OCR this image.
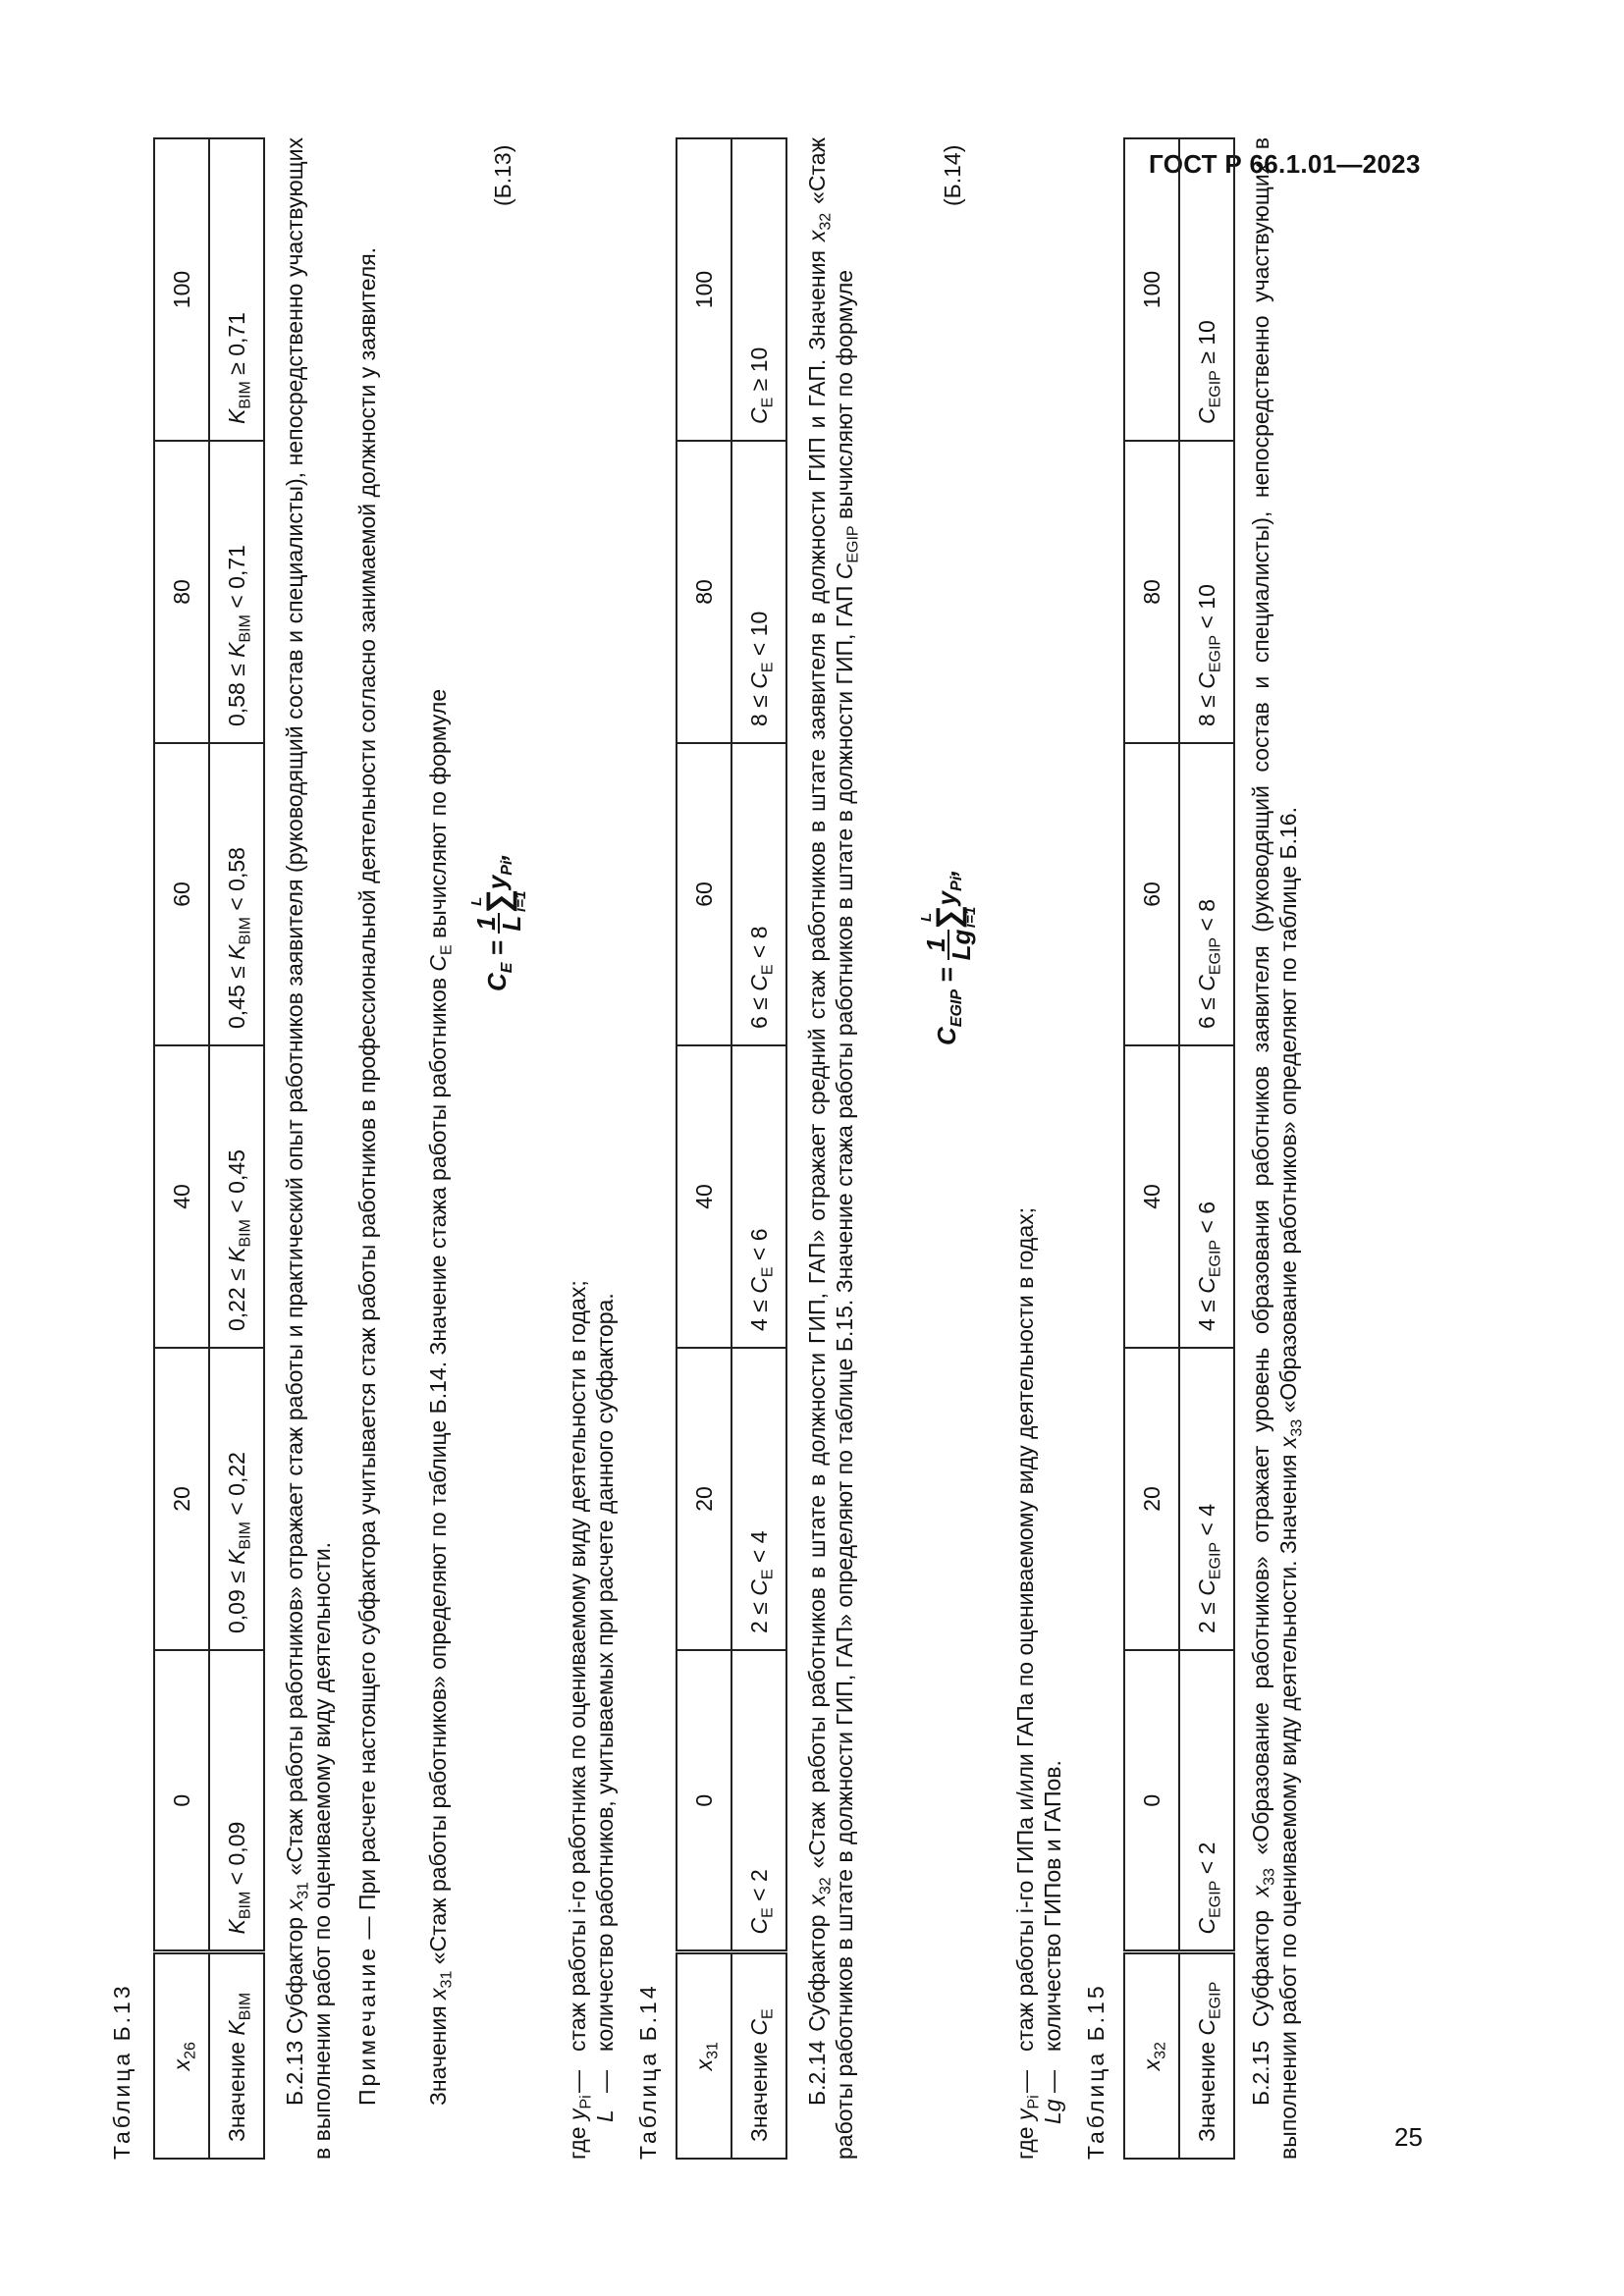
ГОСТ Р 66.1.01—2023
25
Таблица Б.13 $x_{26}$	0	20	40	60	80	100
Значение $K_{BIM}$	$K_{BIM} < 0,09$	$0,09 \le K_{BIM} < 0,22$	$0,22 \le K_{BIM} < 0,45$	$0,45 \le K_{BIM} < 0,58$	$0,58 \le K_{BIM} < 0,71$	$K_{BIM} \ge 0,71$
Б.2.13 Субфактор $x_{31}$ «Стаж работы работников» отражает стаж работы и практический опыт работников заявителя (руководящий состав и специалисты), непосредственно участвующих в выполнении работ по оцениваемому виду деятельности. Примечание — При расчете настоящего субфактора учитывается стаж работы работников в профессиональной деятельности согласно занимаемой должности у заявителя.
Значения $x_{31}$ «Стаж работы работников» определяют по таблице Б.14. Значение стажа работы работников $C_E$ вычисляют по формуле
$C_E$ =
1
L
L
∑
i=1
$y_{Pi}$,
(Б.13)
где $y_{Pi}$
—
стаж работы i-го работника по оцениваемому виду деятельности в годах;
L
—
количество работников, учитываемых при расчете данного субфактора.
Таблица Б.14 $x_{31}$	0	20	40	60	80	100
Значение $C_E$	$C_E < 2$	$2 \le C_E < 4$	$4 \le C_E < 6$	$6 \le C_E < 8$	$8 \le C_E < 10$	$C_E \ge 10$
Б.2.14 Субфактор $x_{32}$ «Стаж работы работников в штате в должности ГИП, ГАП» отражает средний стаж работников в штате заявителя в должности ГИП и ГАП. Значения $x_{32}$ «Стаж работы работников в штате в должности ГИП, ГАП» определяют по таблице Б.15. Значение стажа работы работников в штате в должности ГИП, ГАП $C_{EGIP}$ вычисляют по формуле
$C_{EGIP}$ =
1
Lg
L
∑
i=1
$y_{Pi}$,
(Б.14)
где $y_{Pi}$
—
стаж работы i-го ГИПа и/или ГАПа по оцениваемому виду деятельности в годах;
Lg
—
количество ГИПов и ГАПов.
Таблица Б.15 $x_{32}$	0	20	40	60	80	100
Значение $C_{EGIP}$	$C_{EGIP} < 2$	$2 \le C_{EGIP} < 4$	$4 \le C_{EGIP} < 6$	$6 \le C_{EGIP} < 8$	$8 \le C_{EGIP} < 10$	$C_{EGIP} \ge 10$
Б.2.15 Субфактор $x_{33}$ «Образование работников» отражает уровень образования работников заявителя (руководящий состав и специалисты), непосредственно участвующих в выполнении работ по оцениваемому виду деятельности. Значения $x_{33}$ «Образование работников» определяют по таблице Б.16.
